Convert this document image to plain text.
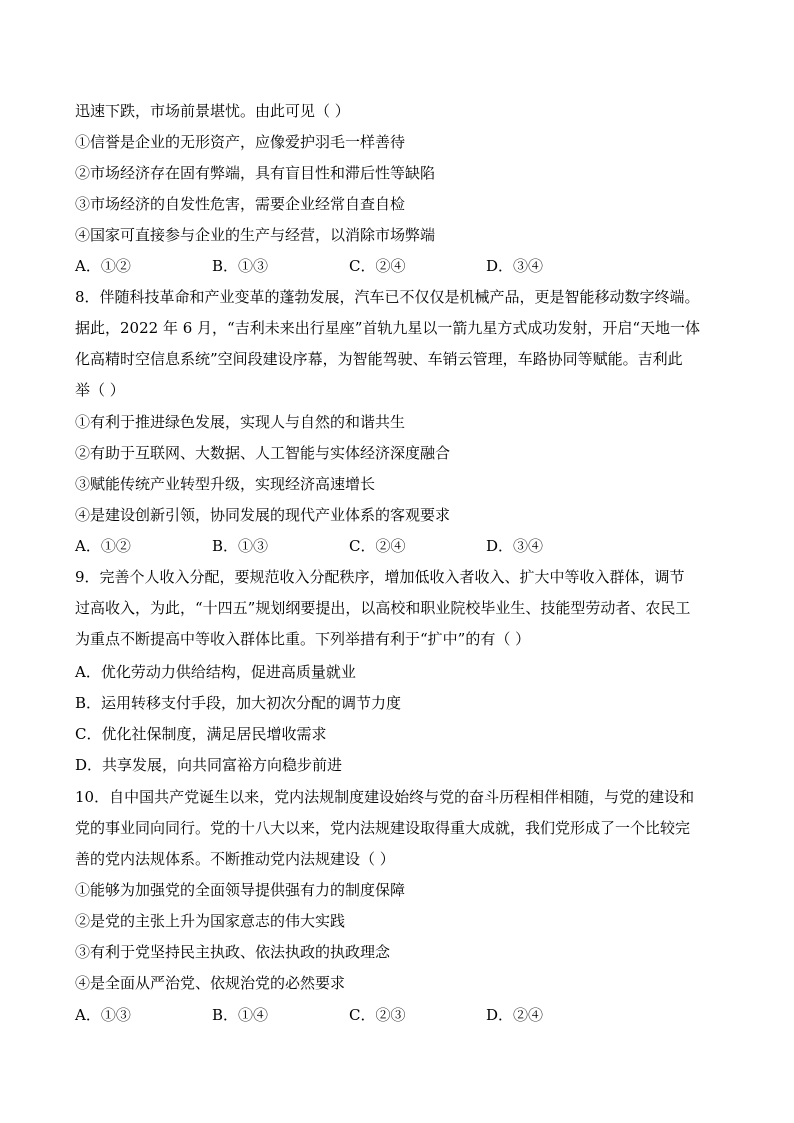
迅速下跌，市场前景堪忧。由此可见（ ）
①信誉是企业的无形资产，应像爱护羽毛一样善待
②市场经济存在固有弊端，具有盲目性和滞后性等缺陷
③市场经济的自发性危害，需要企业经常自查自检
④国家可直接参与企业的生产与经营，以消除市场弊端
A．①②	B．①③	C．②④	D．③④
8．伴随科技革命和产业变革的蓬勃发展，汽车已不仅仅是机械产品，更是智能移动数字终端。
据此，2022 年 6 月，“吉利未来出行星座”首轨九星以一箭九星方式成功发射，开启“天地一体
化高精时空信息系统”空间段建设序幕，为智能驾驶、车销云管理，车路协同等赋能。吉利此
举（ ）
①有利于推进绿色发展，实现人与自然的和谐共生
②有助于互联网、大数据、人工智能与实体经济深度融合
③赋能传统产业转型升级，实现经济高速增长
④是建设创新引领，协同发展的现代产业体系的客观要求
A．①②	B．①③	C．②④	D．③④
9．完善个人收入分配，要规范收入分配秩序，增加低收入者收入、扩大中等收入群体，调节
过高收入，为此，“十四五”规划纲要提出，以高校和职业院校毕业生、技能型劳动者、农民工
为重点不断提高中等收入群体比重。下列举措有利于“扩中”的有（ ）
A．优化劳动力供给结构，促进高质量就业
B．运用转移支付手段，加大初次分配的调节力度
C．优化社保制度，满足居民增收需求
D．共享发展，向共同富裕方向稳步前进
10．自中国共产党诞生以来，党内法规制度建设始终与党的奋斗历程相伴相随，与党的建设和
党的事业同向同行。党的十八大以来，党内法规建设取得重大成就，我们党形成了一个比较完
善的党内法规体系。不断推动党内法规建设（ ）
①能够为加强党的全面领导提供强有力的制度保障
②是党的主张上升为国家意志的伟大实践
③有利于党坚持民主执政、依法执政的执政理念
④是全面从严治党、依规治党的必然要求
A．①③	B．①④	C．②③	D．②④
